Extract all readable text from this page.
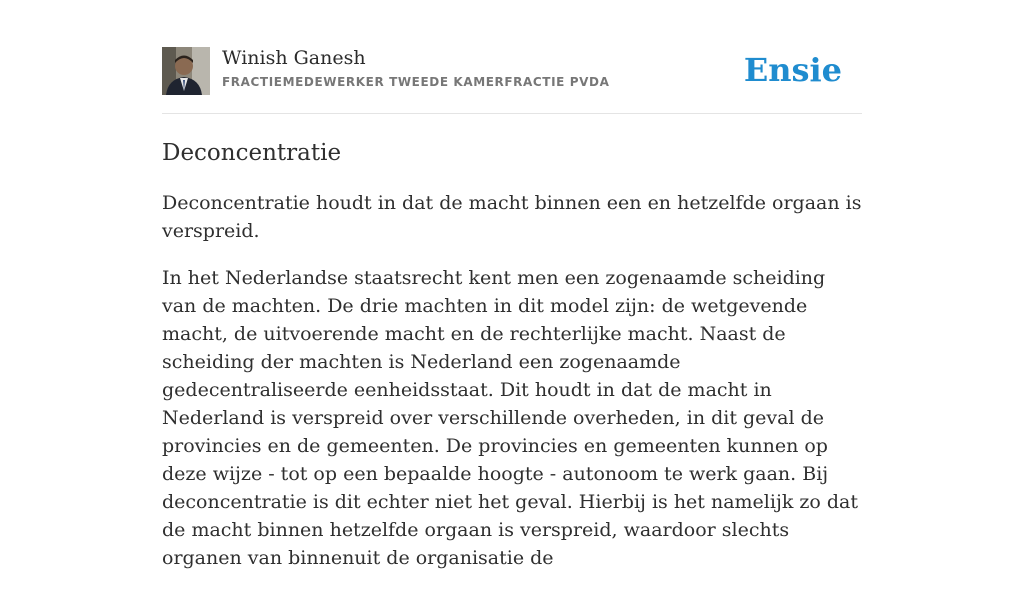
Winish Ganesh
FRACTIEMEDEWERKER TWEEDE KAMERFRACTIE PVDA	Ensie
Deconcentratie

Deconcentratie houdt in dat de macht binnen een en hetzelfde orgaan is verspreid.

In het Nederlandse staatsrecht kent men een zogenaamde scheiding van de machten. De drie machten in dit model zijn: de wetgevende macht, de uitvoerende macht en de rechterlijke macht. Naast de scheiding der machten is Nederland een zogenaamde gedecentraliseerde eenheidsstaat. Dit houdt in dat de macht in Nederland is verspreid over verschillende overheden, in dit geval de provincies en de gemeenten. De provincies en gemeenten kunnen op deze wijze - tot op een bepaalde hoogte - autonoom te werk gaan. Bij deconcentratie is dit echter niet het geval. Hierbij is het namelijk zo dat de macht binnen hetzelfde orgaan is verspreid, waardoor slechts organen van binnenuit de organisatie de
